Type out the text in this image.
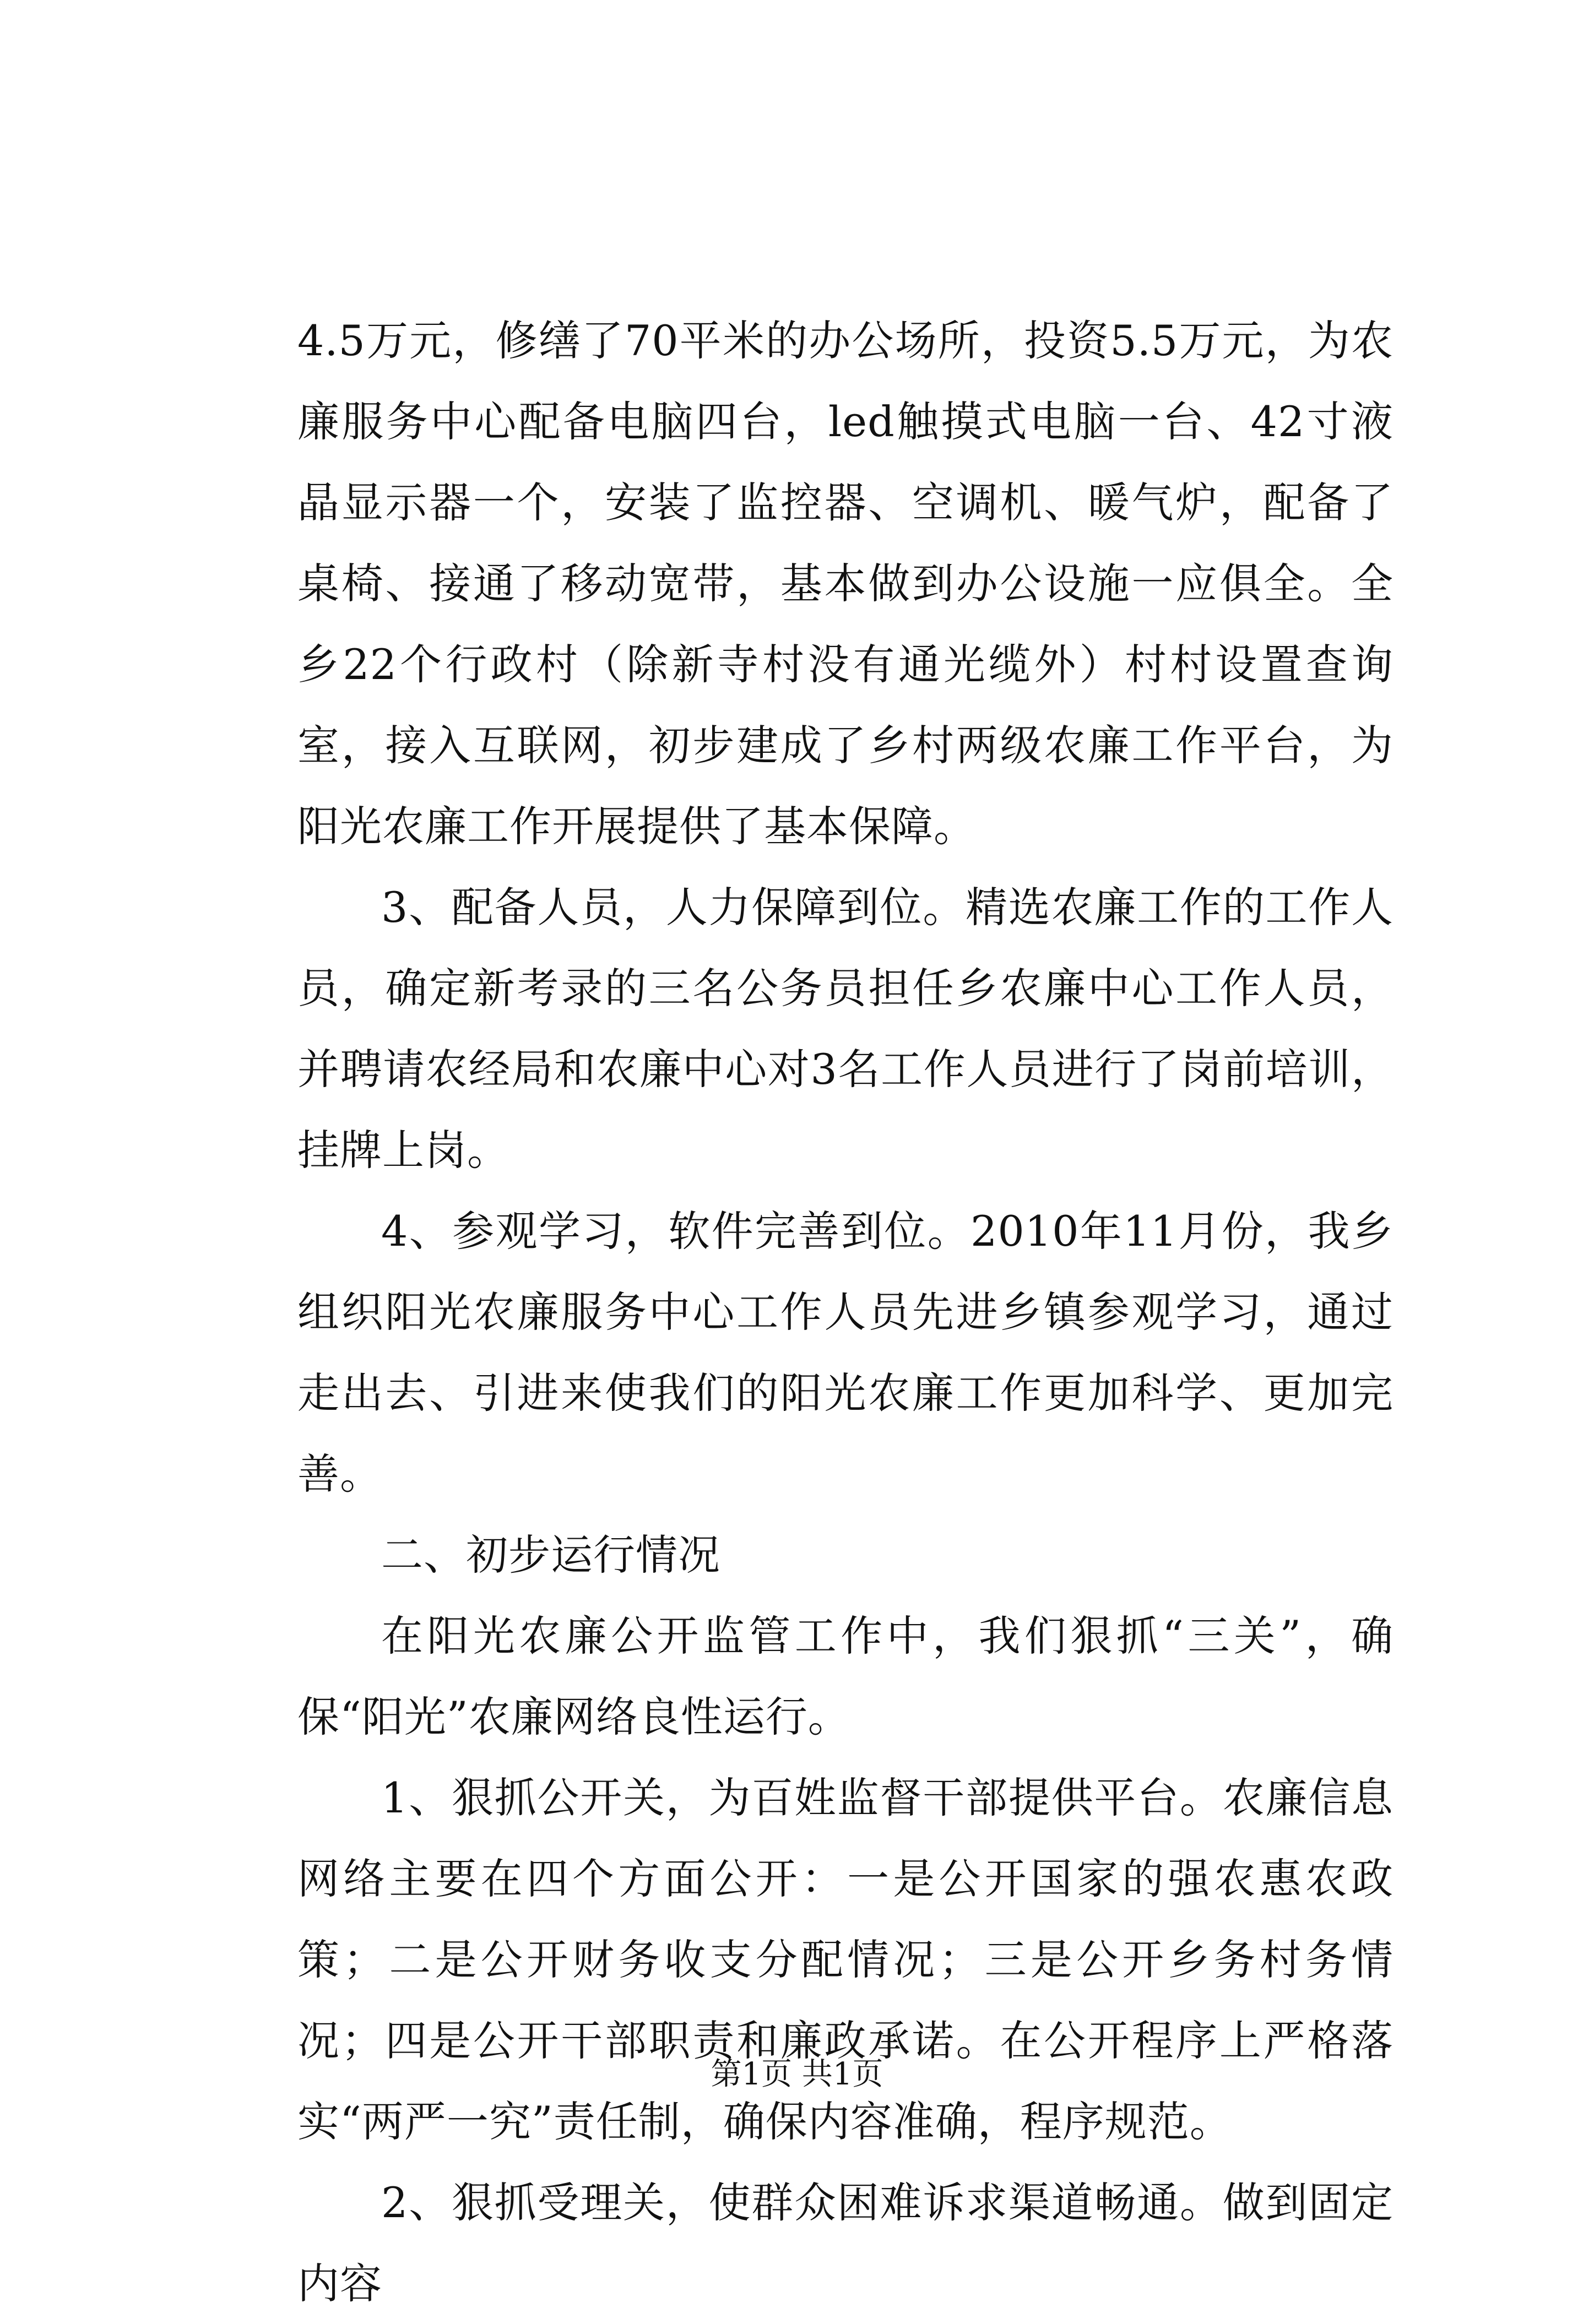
4.5万元，修缮了70平米的办公场所，投资5.5万元，为农廉服务中心配备电脑四台，led触摸式电脑一台、42寸液晶显示器一个，安装了监控器、空调机、暖气炉，配备了桌椅、接通了移动宽带，基本做到办公设施一应俱全。全乡22个行政村（除新寺村没有通光缆外）村村设置查询室，接入互联网，初步建成了乡村两级农廉工作平台，为阳光农廉工作开展提供了基本保障。

3、配备人员，人力保障到位。精选农廉工作的工作人员，确定新考录的三名公务员担任乡农廉中心工作人员，并聘请农经局和农廉中心对3名工作人员进行了岗前培训，挂牌上岗。

4、参观学习，软件完善到位。2010年11月份，我乡组织阳光农廉服务中心工作人员先进乡镇参观学习，通过走出去、引进来使我们的阳光农廉工作更加科学、更加完善。

二、初步运行情况

在阳光农廉公开监管工作中，我们狠抓“三关”，确保“阳光”农廉网络良性运行。

1、狠抓公开关，为百姓监督干部提供平台。农廉信息网络主要在四个方面公开：一是公开国家的强农惠农政策；二是公开财务收支分配情况；三是公开乡务村务情况；四是公开干部职责和廉政承诺。在公开程序上严格落实“两严一究”责任制，确保内容准确，程序规范。

2、狠抓受理关，使群众困难诉求渠道畅通。做到固定内容

第1页 共1页
